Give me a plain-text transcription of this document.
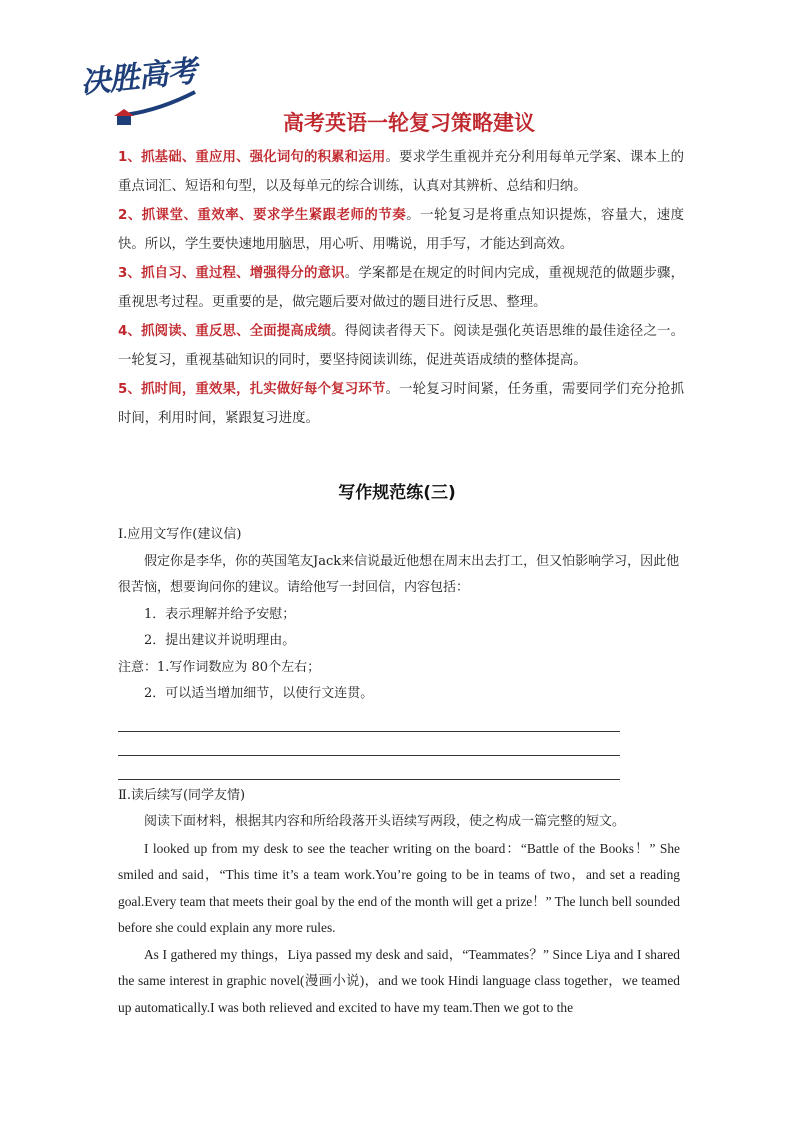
决胜高考
高考英语一轮复习策略建议

1、抓基础、重应用、强化词句的积累和运用。要求学生重视并充分利用每单元学案、课本上的重点词汇、短语和句型，以及每单元的综合训练，认真对其辨析、总结和归纳。

2、抓课堂、重效率、要求学生紧跟老师的节奏。一轮复习是将重点知识提炼，容量大，速度快。所以，学生要快速地用脑思，用心听、用嘴说，用手写，才能达到高效。

3、抓自习、重过程、增强得分的意识。学案都是在规定的时间内完成，重视规范的做题步骤，重视思考过程。更重要的是，做完题后要对做过的题目进行反思、整理。

4、抓阅读、重反思、全面提高成绩。得阅读者得天下。阅读是强化英语思维的最佳途径之一。一轮复习，重视基础知识的同时，要坚持阅读训练，促进英语成绩的整体提高。

5、抓时间，重效果，扎实做好每个复习环节。一轮复习时间紧，任务重，需要同学们充分抢抓时间，利用时间，紧跟复习进度。

写作规范练(三)

Ⅰ.应用文写作(建议信)

假定你是李华，你的英国笔友Jack来信说最近他想在周末出去打工，但又怕影响学习，因此他很苦恼，想要询问你的建议。请给他写一封回信，内容包括：

1．表示理解并给予安慰；

2．提出建议并说明理由。

注意：1.写作词数应为 80个左右；

2．可以适当增加细节，以使行文连贯。

Ⅱ.读后续写(同学友情)

阅读下面材料，根据其内容和所给段落开头语续写两段，使之构成一篇完整的短文。

I looked up from my desk to see the teacher writing on the board：“Battle of the Books！” She smiled and said，“This time it’s a team work.You’re going to be in teams of two，and set a reading goal.Every team that meets their goal by the end of the month will get a prize！” The lunch bell sounded before she could explain any more rules.

As I gathered my things，Liya passed my desk and said，“Teammates？” Since Liya and I shared the same interest in graphic novel(漫画小说)，and we took Hindi language class together，we teamed up automatically.I was both relieved and excited to have my team.Then we got to the
